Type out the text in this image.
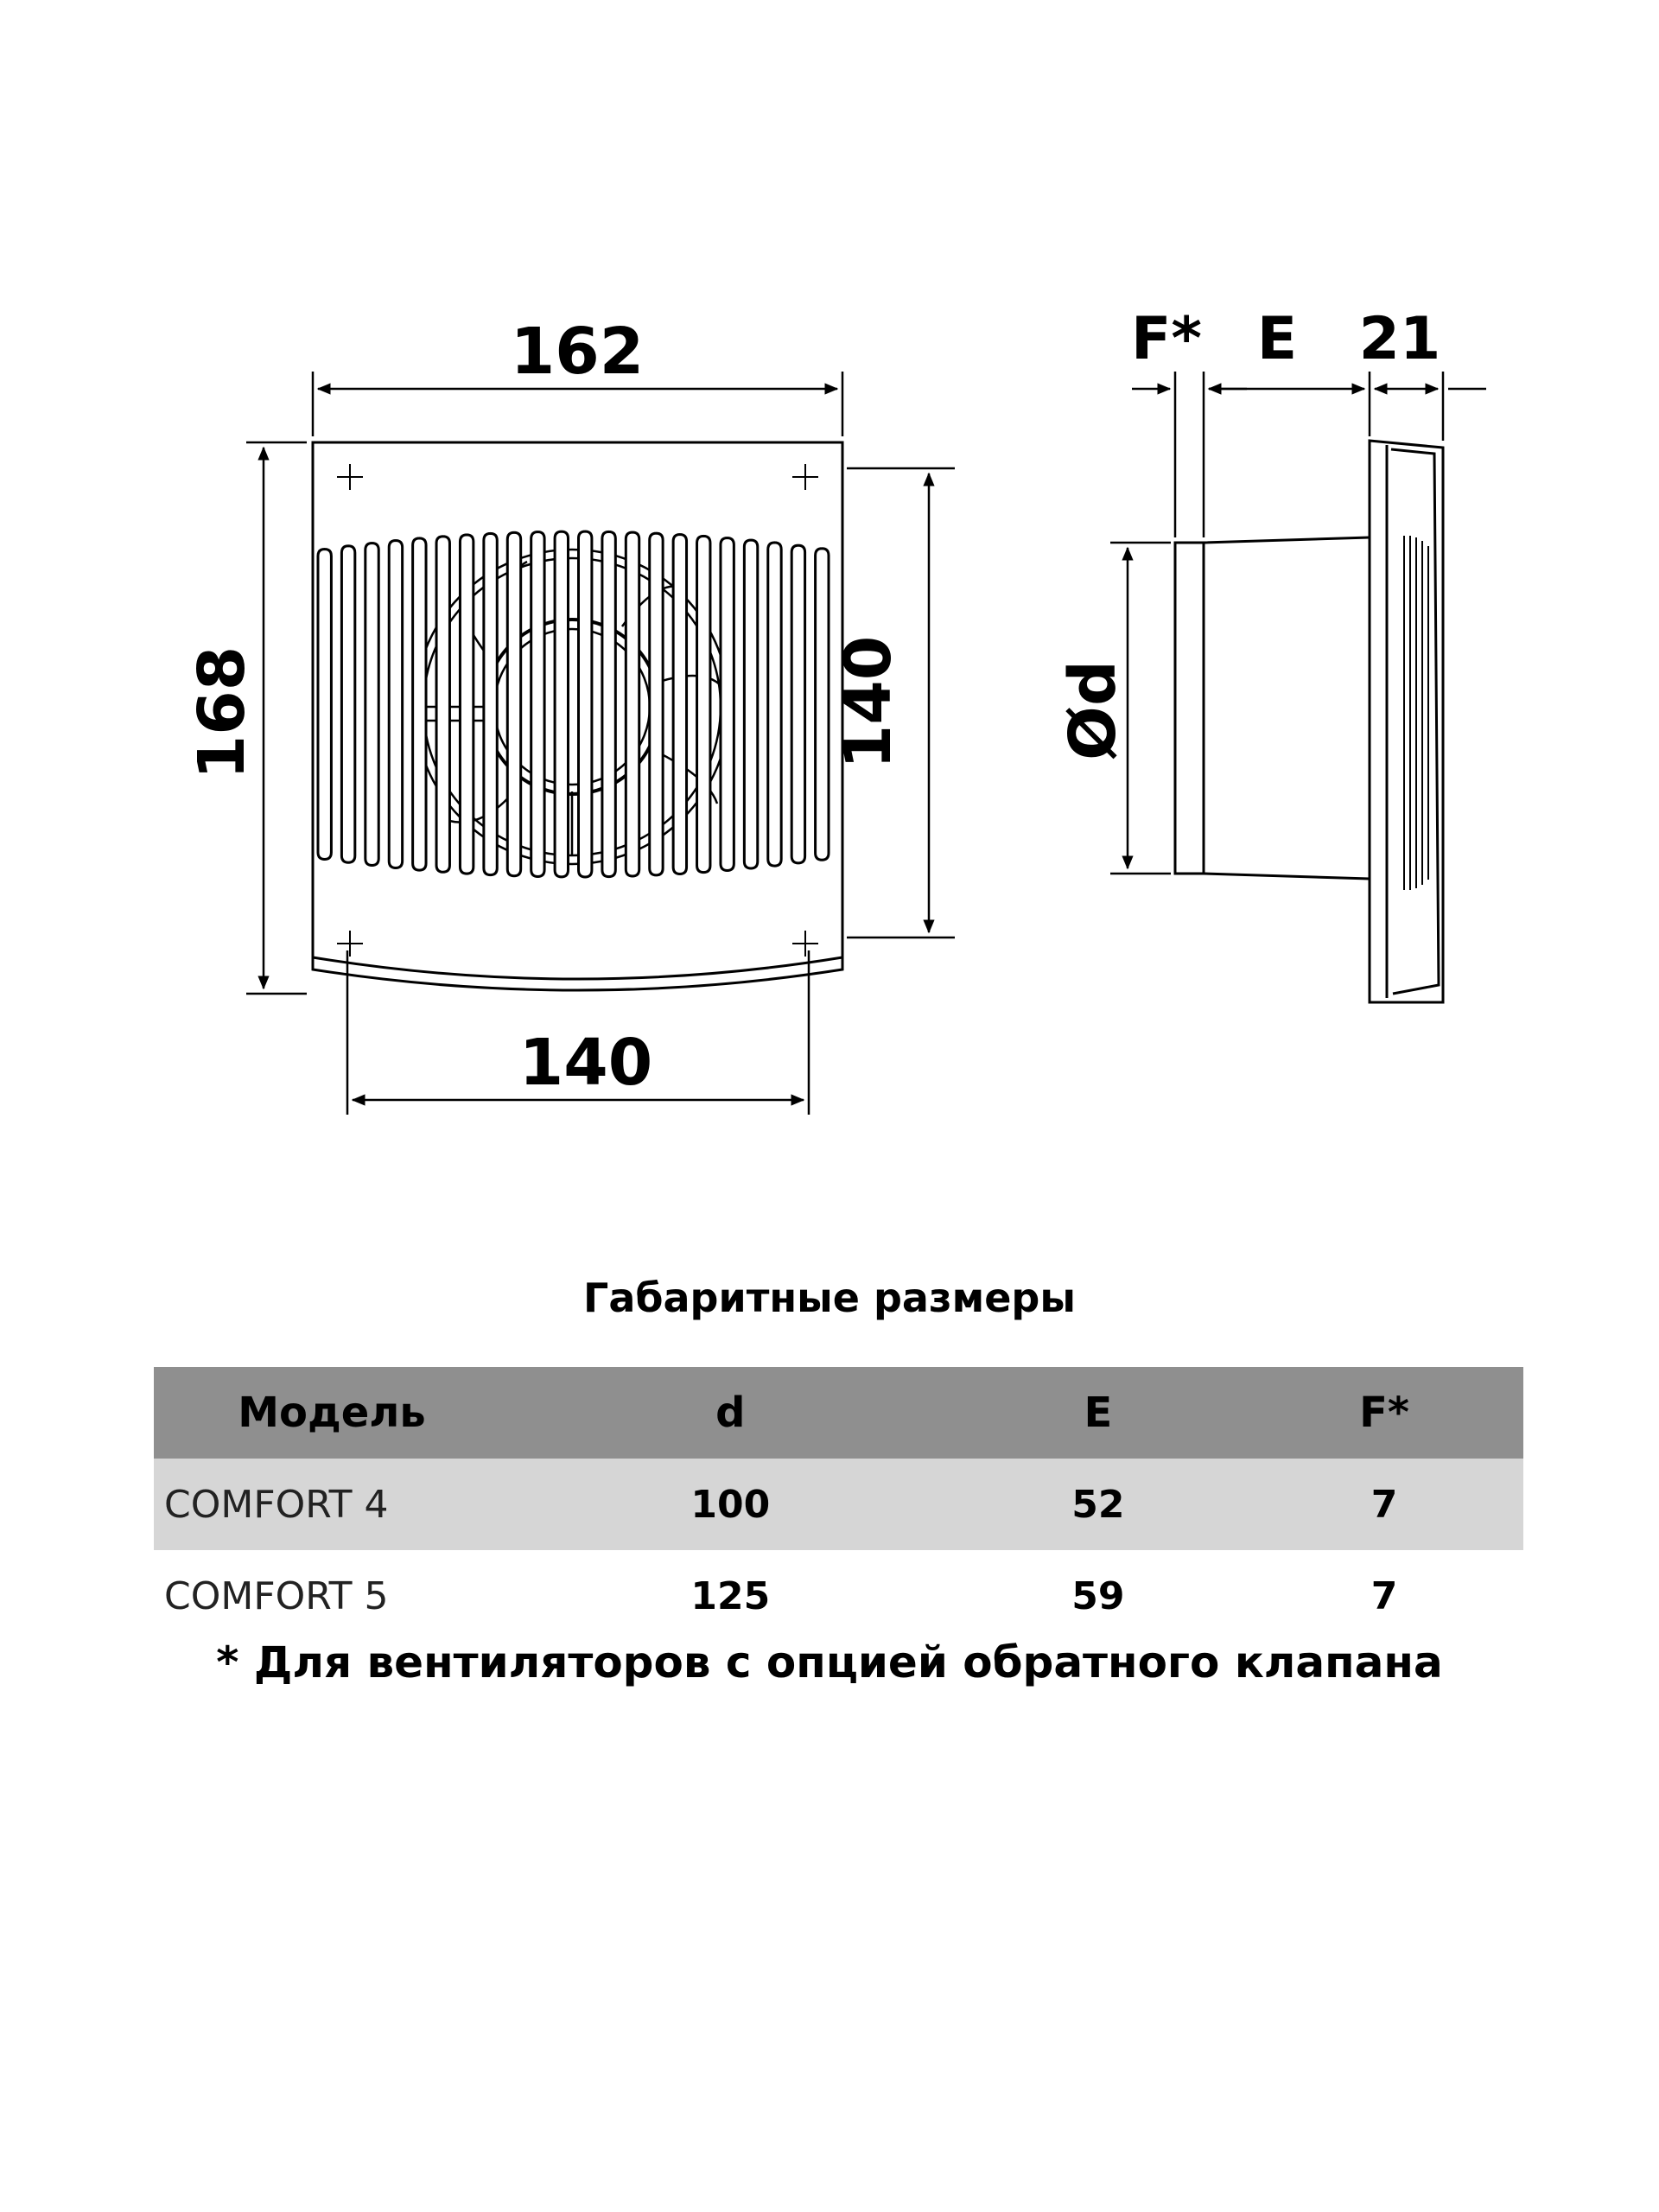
162
168	140
140
F* E 21
Ød
Габаритные размеры
Модель	d	E	F*
COMFORT 4	100	52	7
COMFORT 5	125	59	7
* Для вентиляторов с опцией обратного клапана
